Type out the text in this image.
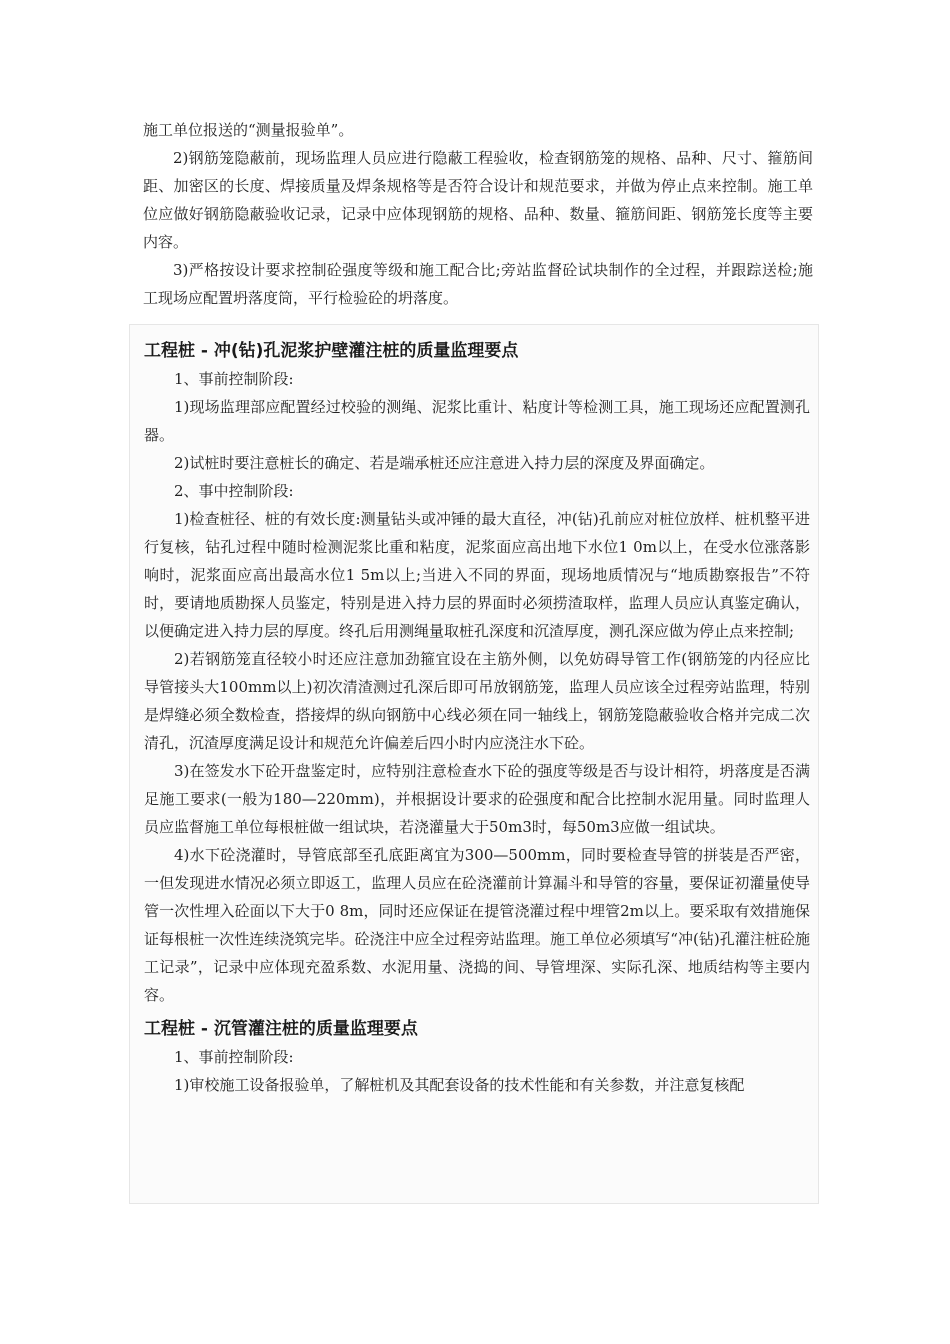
施工单位报送的“测量报验单”。

2)钢筋笼隐蔽前，现场监理人员应进行隐蔽工程验收，检查钢筋笼的规格、品种、尺寸、箍筋间距、加密区的长度、焊接质量及焊条规格等是否符合设计和规范要求，并做为停止点来控制。施工单位应做好钢筋隐蔽验收记录，记录中应体现钢筋的规格、品种、数量、箍筋间距、钢筋笼长度等主要内容。

3)严格按设计要求控制砼强度等级和施工配合比;旁站监督砼试块制作的全过程，并跟踪送检;施工现场应配置坍落度筒，平行检验砼的坍落度。

工程桩 - 冲(钻)孔泥浆护壁灌注桩的质量监理要点

1、事前控制阶段:

1)现场监理部应配置经过校验的测绳、泥浆比重计、粘度计等检测工具，施工现场还应配置测孔器。

2)试桩时要注意桩长的确定、若是端承桩还应注意进入持力层的深度及界面确定。

2、事中控制阶段:

1)检查桩径、桩的有效长度:测量钻头或冲锤的最大直径，冲(钻)孔前应对桩位放样、桩机整平进行复核，钻孔过程中随时检测泥浆比重和粘度，泥浆面应高出地下水位1 0m以上，在受水位涨落影响时，泥浆面应高出最高水位1 5m以上;当进入不同的界面，现场地质情况与“地质勘察报告”不符时，要请地质勘探人员鉴定，特别是进入持力层的界面时必须捞渣取样，监理人员应认真鉴定确认，以便确定进入持力层的厚度。终孔后用测绳量取桩孔深度和沉渣厚度，测孔深应做为停止点来控制;

2)若钢筋笼直径较小时还应注意加劲箍宜设在主筋外侧，以免妨碍导管工作(钢筋笼的内径应比导管接头大100mm以上)初次清渣测过孔深后即可吊放钢筋笼，监理人员应该全过程旁站监理，特别是焊缝必须全数检查，搭接焊的纵向钢筋中心线必须在同一轴线上，钢筋笼隐蔽验收合格并完成二次清孔，沉渣厚度满足设计和规范允许偏差后四小时内应浇注水下砼。

3)在签发水下砼开盘鉴定时，应特别注意检查水下砼的强度等级是否与设计相符，坍落度是否满足施工要求(一般为180—220mm)，并根据设计要求的砼强度和配合比控制水泥用量。同时监理人员应监督施工单位每根桩做一组试块，若浇灌量大于50m3时，每50m3应做一组试块。

4)水下砼浇灌时，导管底部至孔底距离宜为300—500mm，同时要检查导管的拼装是否严密，一但发现进水情况必须立即返工，监理人员应在砼浇灌前计算漏斗和导管的容量，要保证初灌量使导管一次性埋入砼面以下大于0 8m，同时还应保证在提管浇灌过程中埋管2m以上。要采取有效措施保证每根桩一次性连续浇筑完毕。砼浇注中应全过程旁站监理。施工单位必须填写“冲(钻)孔灌注桩砼施工记录”，记录中应体现充盈系数、水泥用量、浇捣的间、导管埋深、实际孔深、地质结构等主要内容。

工程桩 - 沉管灌注桩的质量监理要点

1、事前控制阶段:

1)审校施工设备报验单，了解桩机及其配套设备的技术性能和有关参数，并注意复核配
